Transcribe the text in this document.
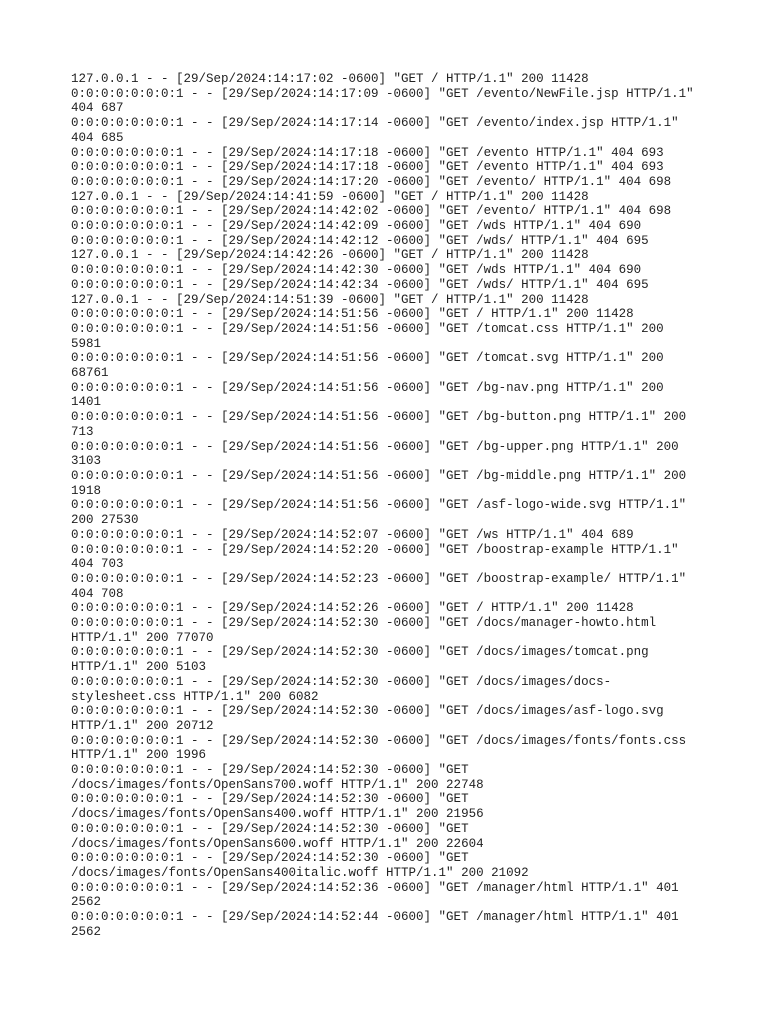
127.0.0.1 - - [29/Sep/2024:14:17:02 -0600] "GET / HTTP/1.1" 200 11428
0:0:0:0:0:0:0:1 - - [29/Sep/2024:14:17:09 -0600] "GET /evento/NewFile.jsp HTTP/1.1"
404 687
0:0:0:0:0:0:0:1 - - [29/Sep/2024:14:17:14 -0600] "GET /evento/index.jsp HTTP/1.1"
404 685
0:0:0:0:0:0:0:1 - - [29/Sep/2024:14:17:18 -0600] "GET /evento HTTP/1.1" 404 693
0:0:0:0:0:0:0:1 - - [29/Sep/2024:14:17:18 -0600] "GET /evento HTTP/1.1" 404 693
0:0:0:0:0:0:0:1 - - [29/Sep/2024:14:17:20 -0600] "GET /evento/ HTTP/1.1" 404 698
127.0.0.1 - - [29/Sep/2024:14:41:59 -0600] "GET / HTTP/1.1" 200 11428
0:0:0:0:0:0:0:1 - - [29/Sep/2024:14:42:02 -0600] "GET /evento/ HTTP/1.1" 404 698
0:0:0:0:0:0:0:1 - - [29/Sep/2024:14:42:09 -0600] "GET /wds HTTP/1.1" 404 690
0:0:0:0:0:0:0:1 - - [29/Sep/2024:14:42:12 -0600] "GET /wds/ HTTP/1.1" 404 695
127.0.0.1 - - [29/Sep/2024:14:42:26 -0600] "GET / HTTP/1.1" 200 11428
0:0:0:0:0:0:0:1 - - [29/Sep/2024:14:42:30 -0600] "GET /wds HTTP/1.1" 404 690
0:0:0:0:0:0:0:1 - - [29/Sep/2024:14:42:34 -0600] "GET /wds/ HTTP/1.1" 404 695
127.0.0.1 - - [29/Sep/2024:14:51:39 -0600] "GET / HTTP/1.1" 200 11428
0:0:0:0:0:0:0:1 - - [29/Sep/2024:14:51:56 -0600] "GET / HTTP/1.1" 200 11428
0:0:0:0:0:0:0:1 - - [29/Sep/2024:14:51:56 -0600] "GET /tomcat.css HTTP/1.1" 200
5981
0:0:0:0:0:0:0:1 - - [29/Sep/2024:14:51:56 -0600] "GET /tomcat.svg HTTP/1.1" 200
68761
0:0:0:0:0:0:0:1 - - [29/Sep/2024:14:51:56 -0600] "GET /bg-nav.png HTTP/1.1" 200
1401
0:0:0:0:0:0:0:1 - - [29/Sep/2024:14:51:56 -0600] "GET /bg-button.png HTTP/1.1" 200
713
0:0:0:0:0:0:0:1 - - [29/Sep/2024:14:51:56 -0600] "GET /bg-upper.png HTTP/1.1" 200
3103
0:0:0:0:0:0:0:1 - - [29/Sep/2024:14:51:56 -0600] "GET /bg-middle.png HTTP/1.1" 200
1918
0:0:0:0:0:0:0:1 - - [29/Sep/2024:14:51:56 -0600] "GET /asf-logo-wide.svg HTTP/1.1"
200 27530
0:0:0:0:0:0:0:1 - - [29/Sep/2024:14:52:07 -0600] "GET /ws HTTP/1.1" 404 689
0:0:0:0:0:0:0:1 - - [29/Sep/2024:14:52:20 -0600] "GET /boostrap-example HTTP/1.1"
404 703
0:0:0:0:0:0:0:1 - - [29/Sep/2024:14:52:23 -0600] "GET /boostrap-example/ HTTP/1.1"
404 708
0:0:0:0:0:0:0:1 - - [29/Sep/2024:14:52:26 -0600] "GET / HTTP/1.1" 200 11428
0:0:0:0:0:0:0:1 - - [29/Sep/2024:14:52:30 -0600] "GET /docs/manager-howto.html
HTTP/1.1" 200 77070
0:0:0:0:0:0:0:1 - - [29/Sep/2024:14:52:30 -0600] "GET /docs/images/tomcat.png
HTTP/1.1" 200 5103
0:0:0:0:0:0:0:1 - - [29/Sep/2024:14:52:30 -0600] "GET /docs/images/docs-
stylesheet.css HTTP/1.1" 200 6082
0:0:0:0:0:0:0:1 - - [29/Sep/2024:14:52:30 -0600] "GET /docs/images/asf-logo.svg
HTTP/1.1" 200 20712
0:0:0:0:0:0:0:1 - - [29/Sep/2024:14:52:30 -0600] "GET /docs/images/fonts/fonts.css
HTTP/1.1" 200 1996
0:0:0:0:0:0:0:1 - - [29/Sep/2024:14:52:30 -0600] "GET
/docs/images/fonts/OpenSans700.woff HTTP/1.1" 200 22748
0:0:0:0:0:0:0:1 - - [29/Sep/2024:14:52:30 -0600] "GET
/docs/images/fonts/OpenSans400.woff HTTP/1.1" 200 21956
0:0:0:0:0:0:0:1 - - [29/Sep/2024:14:52:30 -0600] "GET
/docs/images/fonts/OpenSans600.woff HTTP/1.1" 200 22604
0:0:0:0:0:0:0:1 - - [29/Sep/2024:14:52:30 -0600] "GET
/docs/images/fonts/OpenSans400italic.woff HTTP/1.1" 200 21092
0:0:0:0:0:0:0:1 - - [29/Sep/2024:14:52:36 -0600] "GET /manager/html HTTP/1.1" 401
2562
0:0:0:0:0:0:0:1 - - [29/Sep/2024:14:52:44 -0600] "GET /manager/html HTTP/1.1" 401
2562
